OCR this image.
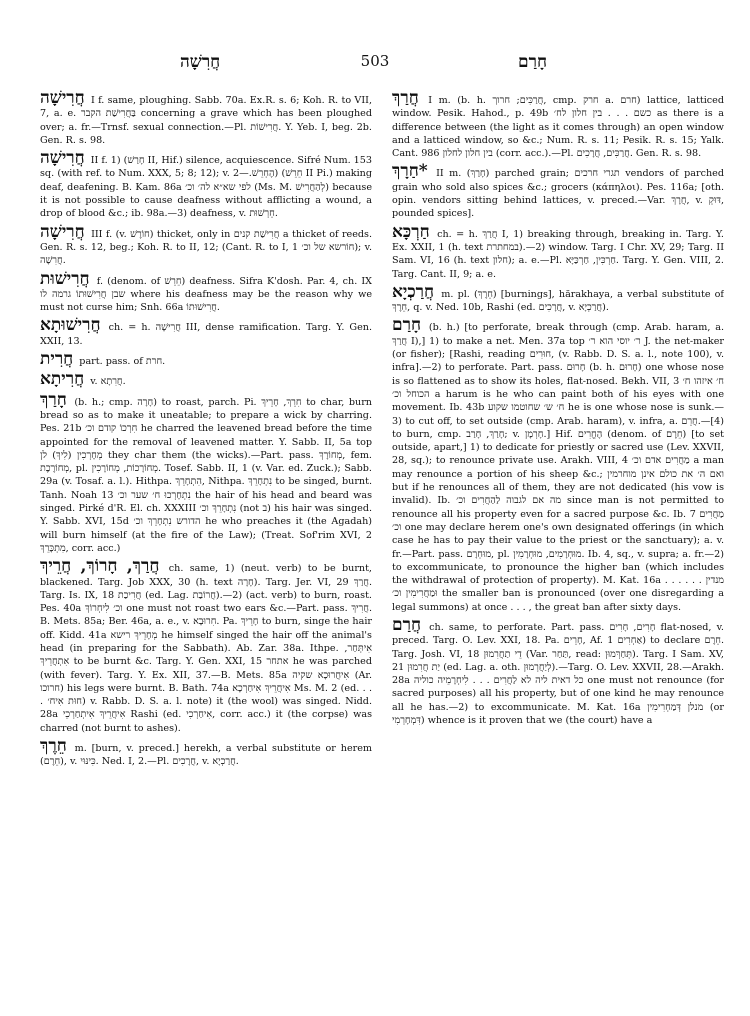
חֲרִשָׁה	503	חָרַם

חֲרִישָׁה I f. same, ploughing. Sabb. 70a. Ex.R. s. 6; Koh. R. to VII, 7, a. e. בַּחֲרִישַׁת הקבר concerning a grave which has been ploughed over; a. fr.—Trnsf. sexual connection.—Pl. חֲרִישׁוֹת. Y. Yeb. I, beg. 2b. Gen. R. s. 98.

חֲרִישָׁה II f. 1) (חָרַשׁ II, Hif.) silence, acquiescence. Sifré Num. 153 sq. (with ref. to Num. XXX, 5; 8; 12); v. הֶחְרֵשׁ.—2) (חֵרֵשׁ II Pi.) making deaf, deafening. B. Kam. 86a לפי שא״א לה׳ וכ׳ (Ms. M. לְהַחֲרִישׁ) because it is not possible to cause deafness without afflicting a wound, a drop of blood &c.; ib. 98a.—3) deafness, v. חֵרְשׁוּת.

חֲרִישָׁה III f. (v. חוֹרֶשׁ) thicket, only in חֲרִישַׁת קנים a thicket of reeds. Gen. R. s. 12, beg.; Koh. R. to II, 12; (Cant. R. to I, 1 חוֹרשא של וכ׳); v. חֲרִשָׁה.

חֲרִישׁוּת f. (denom. of חֵרֵשׁ) deafness. Sifra K'dosh. Par. 4, ch. IX שבן חֲרִישׁוּתוֹ גרמה לו where his deafness may be the reason why we must not curse him; Snh. 66a חֲרִישׁוּתוֹ.

חֲרִישׁוּתָא ch. = h. חֲרִישָׁה III, dense ramification. Targ. Y. Gen. XXII, 13.

חֲרִית part. pass. of חרת.

חֲרִיתָא v. חֲרִתָא.

חָרַךְ (b. h.; cmp. חָרָה) to roast, parch. Pi. חִרֵךְ, חָרֵיךְ to char, burn bread so as to make it uneatable; to prepare a wick by charring. Pes. 21b חִרְכוֹ קודם וכ׳ he charred the leavened bread before the time appointed for the removal of leavened matter. Y. Sabb. II, 5a top מְחָרְכִין (לִיךְ) לן they char them (the wicks).—Part. pass. מְחוֹרָךְ, fem. מְחוֹרֶכֶת, pl. מְחוֹרָכוֹת, מְחוֹרָכִין. Tosef. Sabb. II, 1 (v. Var. ed. Zuck.); Sabb. 29a (v. Tosaf. a. l.). Hithpa. הִתְחָרֵךְ, Nithpa. נִתְחָרֵךְ to be singed, burnt. Tanh. Noah 13 נִתְחָרְכוּ ח׳ שער וכ׳ the hair of his head and beard was singed. Pirké d'R. El. ch. XXXIII נִתְחָרֵךְ וכ׳ (not ב) his hair was singed. Y. Sabb. XVI, 15d הדורש נִתְחָרֵךְ וכ׳ he who preaches it (the Agadah) will burn himself (at the fire of the Law); (Treat. Sof'rim XVI, 2 מִתְכָּרֵךְ, corr. acc.)

חֲרַךְ, חָרוֹךְ, חֲרֵיךְ ch. same, 1) (neut. verb) to be burnt, blackened. Targ. Job XXX, 30 (h. text חָרָה). Targ. Jer. VI, 29 חֲרַךְ. Targ. Is. IX, 18 חֲרִיכַת (ed. Lag. חֲרוֹבַת).—2) (act. verb) to burn, roast. Pes. 40a וכ׳ לִיחְרוֹךְ one must not roast two ears &c.—Part. pass. חֲרִיךְ. B. Mets. 85a; Ber. 46a, a. e., v. חִרוּבָא. Pa. חָרֵיךְ to burn, singe the hair off. Kidd. 41a מְחָרֵיךְ רישא he himself singed the hair off the animal's head (in preparing for the Sabbath). Ab. Zar. 38a. Ithpe. אִיתְּחַר, אִתְחֲרֵיךְ to be burnt &c. Targ. Y. Gen. XXI, 15 אתחר he was parched (with fever). Targ. Y. Ex. XII, 37.—B. Mets. 85a אִיחֲרוּכָא שקיה (Ar. חרוכו) his legs were burnt. B. Bath. 74a אִיחֲרֵיךְ אִיחַרְכָא Ms. M. 2 (ed. . . . חוּת אִיח׳) v. Rabb. D. S. a. l. note) it (the wool) was singed. Nidd. 28a אִיחֲרֵיךְ אִיתְחַרְכֵי Rashi (ed. אִיחַרְכִי, corr. acc.) it (the corpse) was charred (not burnt to ashes).

חֵרֶךְ m. [burn, v. preced.] herekh, a verbal substitute or herem (חֵרֶם), v. כִּינּוּי. Ned. I, 2.—Pl. חֲרָכִים, v. חֲרַכְיָא.

חֲרַךְ I m. (b. h. חֲרַכִּים; חרוך, cmp. חרק a. חרם) lattice, latticed window. Pesik. Hahod., p. 49b כשם . . . בין חלון לח׳ as there is a difference between (the light as it comes through) an open window and a latticed window, so &c.; Num. R. s. 11; Pesik. R. s. 15; Yalk. Cant. 986 בין חלון לחלון (corr. acc.).—Pl. חֲרַכִּים, חֲרָכִים. Gen. R. s. 98.

*חַרָךְ II m. (חָרַךְ) parched grain; תגרי חרכים vendors of parched grain who sold also spices &c.; grocers (κάπηλοι). Pes. 116a; [oth. opin. vendors sitting behind lattices, v. preced.—Var. חֲרָךְ, v. דּוּקְ, pounded spices].

חַרְכָּא ch. = h. חֲרַךְ I, 1) breaking through, breaking in. Targ. Y. Ex. XXII, 1 (h. text במחתרת).—2) window. Targ. I Chr. XV, 29; Targ. II Sam. VI, 16 (h. text חלון); a. e.—Pl. חַרְכִּין, חַרְכַּיָּא. Targ. Y. Gen. VIII, 2. Targ. Cant. II, 9; a. e.

חֲרַכְיָא m. pl. (חֵרֶךְ) [burnings], hărakhaya, a verbal substitute of חֵרֶךְ, q. v. Ned. 10b, Rashi (ed. חֲרָכִים, v. חֲרַכְיָא).

חָרַם (b. h.) [to perforate, break through (cmp. Arab. haram, a. חֲרַךְ I),] 1) to make a net. Men. 37a top ר׳ יוסי הוא ר׳ J. the net-maker (or fisher); [Rashi, reading חוּרִים, (v. Rabb. D. S. a. l., note 100), v. infra].—2) to perforate. Part. pass. חָרוּם (b. h. חָרוּם) one whose nose is so flattened as to show its holes, flat-nosed. Bekh. VII, 3 ח׳ איזהו ח׳ הכוחל וכ׳ a harum is he who can paint both of his eyes with one movement. Ib. 43b ח׳ ש׳ שחוטמו שקוע he is one whose nose is sunk.—3) to cut off, to set outside (cmp. Arab. haram), v. infra, a. חֲרֵם.—[4) to burn, cmp. חָרַךְ, חָרַב; v. חָרְמָן.] Hif. הֶחֱרִים (denom. of חֵרֶם) [to set outside, apart,] 1) to dedicate for priestly or sacred use (Lev. XXVII, 28, sq.); to renounce private use. Arakh. VIII, 4 מַחֲרִים אדם וכ׳ a man may renounce a portion of his sheep &c.; ואם ה׳ את כולם אינן מוחרמין but if he renounces all of them, they are not dedicated (his vow is invalid). Ib. מה אם לגבוה לַהַחֲרִים וכ׳ since man is not permitted to renounce all his property even for a sacred purpose &c. Ib. 7 מַחֲרִים וכ׳ one may declare herem one's own designated offerings (in which case he has to pay their value to the priest or the sanctuary); a. v. fr.—Part. pass. מוּחְרָם, pl. מוּחְרָמִים, מוּחְרָמִין. Ib. 4, sq., v. supra; a. fr.—2) to excommunicate, to pronounce the higher ban (which includes the withdrawal of protection of property). M. Kat. 16a . . . מנדין . . . וּמַחֲרִימִין וכ׳ the smaller ban is pronounced (over one disregarding a legal summons) at once . . . , the great ban after sixty days.

חֲרַם ch. same, to perforate. Part. pass. חָרִים, חָרִים flat-nosed, v. preced. Targ. O. Lev. XXI, 18. Pa. חָרֵים, Af. אַחְרִים 1) to declare חֵרֶם. Targ. Josh. VI, 18 דֵי תַחֲרִמוּן (Var. תַּחַר, read: תְּחַרְּמוּן). Targ. I Sam. XV, 21 יַת חֲרִמוּן (ed. Lag. a. oth. לְיַחֲרְמוּן).—Targ. O. Lev. XXVII, 28.—Arakh. 28a כל דאית ליה לא לַחֲרִים . . . לִיחְרָמֵיה כוליה one must not renounce (for sacred purposes) all his property, but of one kind he may renounce all he has.—2) to excommunicate. M. Kat. 16a מנלן דְּמַחְרִימִין (or דִּמְחָרְמִי) whence is it proven that we (the court) have a
